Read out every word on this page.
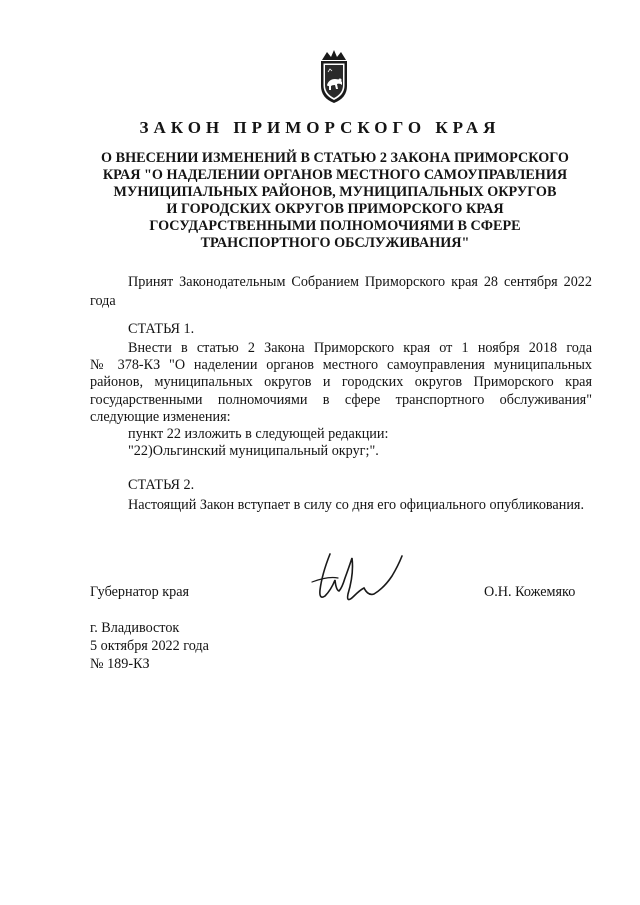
ЗАКОН ПРИМОРСКОГО КРАЯ
О ВНЕСЕНИИ ИЗМЕНЕНИЙ В СТАТЬЮ 2 ЗАКОНА ПРИМОРСКОГО
КРАЯ "О НАДЕЛЕНИИ ОРГАНОВ МЕСТНОГО САМОУПРАВЛЕНИЯ
МУНИЦИПАЛЬНЫХ РАЙОНОВ, МУНИЦИПАЛЬНЫХ ОКРУГОВ
И ГОРОДСКИХ ОКРУГОВ ПРИМОРСКОГО КРАЯ
ГОСУДАРСТВЕННЫМИ ПОЛНОМОЧИЯМИ В СФЕРЕ
ТРАНСПОРТНОГО ОБСЛУЖИВАНИЯ"
Принят Законодательным Собранием Приморского края 28 сентября 2022 года
СТАТЬЯ 1.
Внести в статью 2 Закона Приморского края от 1 ноября 2018 года
№ 378-КЗ "О наделении органов местного самоуправления муниципальных
районов, муниципальных округов и городских округов Приморского края
государственными полномочиями в сфере транспортного обслуживания"
следующие изменения:
пункт 22 изложить в следующей редакции:
"22)Ольгинский муниципальный округ;".
СТАТЬЯ 2.
Настоящий Закон вступает в силу со дня его официального опубликования.
Губернатор края	О.Н. Кожемяко
г. Владивосток
5 октября 2022 года
№ 189-КЗ
